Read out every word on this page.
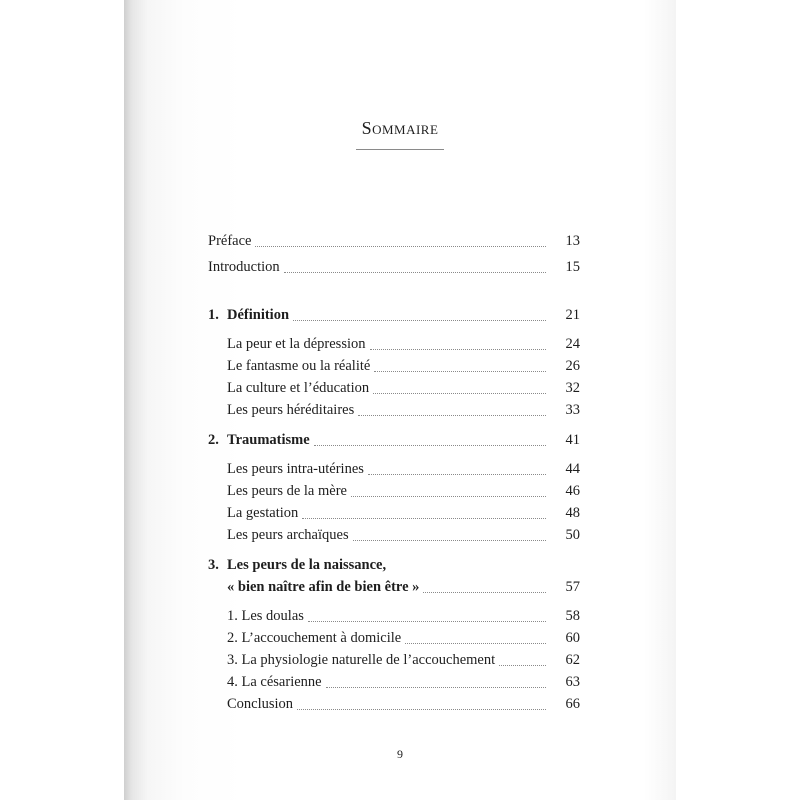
Sommaire
Préface	13
Introduction	15
1. Définition	21
La peur et la dépression	24
Le fantasme ou la réalité	26
La culture et l’éducation	32
Les peurs héréditaires	33
2. Traumatisme	41
Les peurs intra-utérines	44
Les peurs de la mère	46
La gestation	48
Les peurs archaïques	50
3. Les peurs de la naissance,
« bien naître afin de bien être »	57
1. Les doulas	58
2. L’accouchement à domicile	60
3. La physiologie naturelle de l’accouchement	62
4. La césarienne	63
Conclusion	66
9
